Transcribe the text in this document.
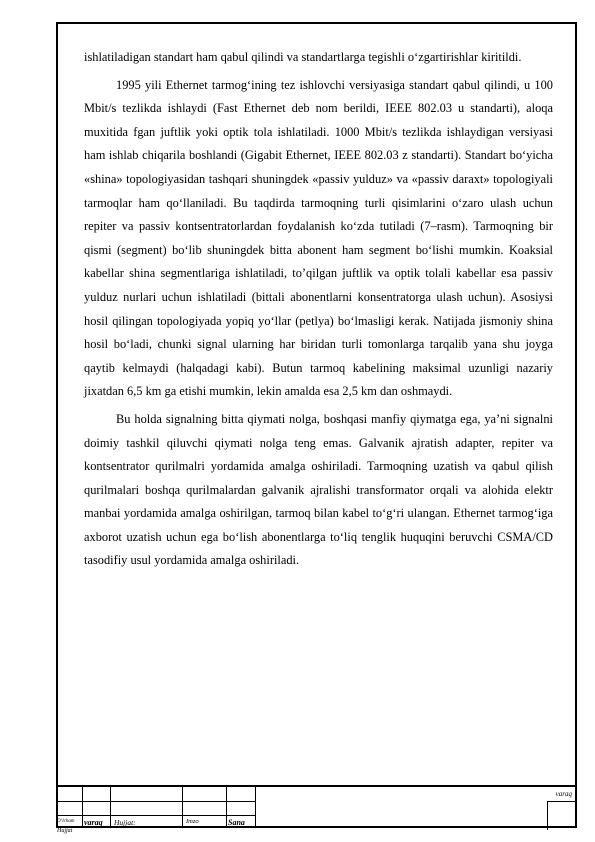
ishlatiladigan standart ham qabul qilindi va standartlarga tegishli o‘zgartirishlar kiritildi.

1995 yili Ethernet tarmog‘ining tez ishlovchi versiyasiga standart qabul qilindi, u 100 Mbit/s tezlikda ishlaydi (Fast Ethernet deb nom berildi, IEEE 802.03 u standarti), aloqa muxitida fgan juftlik yoki optik tola ishlatiladi. 1000 Mbit/s tezlikda ishlaydigan versiyasi ham ishlab chiqarila boshlandi (Gigabit Ethernet, IEEE 802.03 z standarti). Standart bo‘yicha «shina» topologiyasidan tashqari shuningdek «passiv yulduz» va «passiv daraxt» topologiyali tarmoqlar ham qo‘llaniladi. Bu taqdirda tarmoqning turli qisimlarini o‘zaro ulash uchun repiter va passiv kontsentratorlardan foydalanish ko‘zda tutiladi (7–rasm). Tarmoqning bir qismi (segment) bo‘lib shuningdek bitta abonent ham segment bo‘lishi mumkin. Koaksial kabellar shina segmentlariga ishlatiladi, to’qilgan juftlik va optik tolali kabellar esa passiv yulduz nurlari uchun ishlatiladi (bittali abonentlarni konsentratorga ulash uchun). Asosiysi hosil qilingan topologiyada yopiq yo‘llar (petlya) bo‘lmasligi kerak. Natijada jismoniy shina hosil bo‘ladi, chunki signal ularning har biridan turli tomonlarga tarqalib yana shu joyga qaytib kelmaydi (halqadagi kabi). Butun tarmoq kabelining maksimal uzunligi nazariy jixatdan 6,5 km ga etishi mumkin, lekin amalda esa 2,5 km dan oshmaydi.

Bu holda signalning bitta qiymati nolga, boshqasi manfiy qiymatga ega, ya’ni signalni doimiy tashkil qiluvchi qiymati nolga teng emas. Galvanik ajratish adapter, repiter va kontsentrator qurilmalri yordamida amalga oshiriladi. Tarmoqning uzatish va qabul qilish qurilmalari boshqa qurilmalardan galvanik ajralishi transformator orqali va alohida elektr manbai yordamida amalga oshirilgan, tarmoq bilan kabel to‘g‘ri ulangan. Ethernet tarmog‘iga axborot uzatish uchun ega bo‘lish abonentlarga to‘liq tenglik huquqini beruvchi CSMA/CD tasodifiy usul yordamida amalga oshiriladi.

O‘lcham varaq Hujjat:	Imzo	Sana
Hujjat
varaq
